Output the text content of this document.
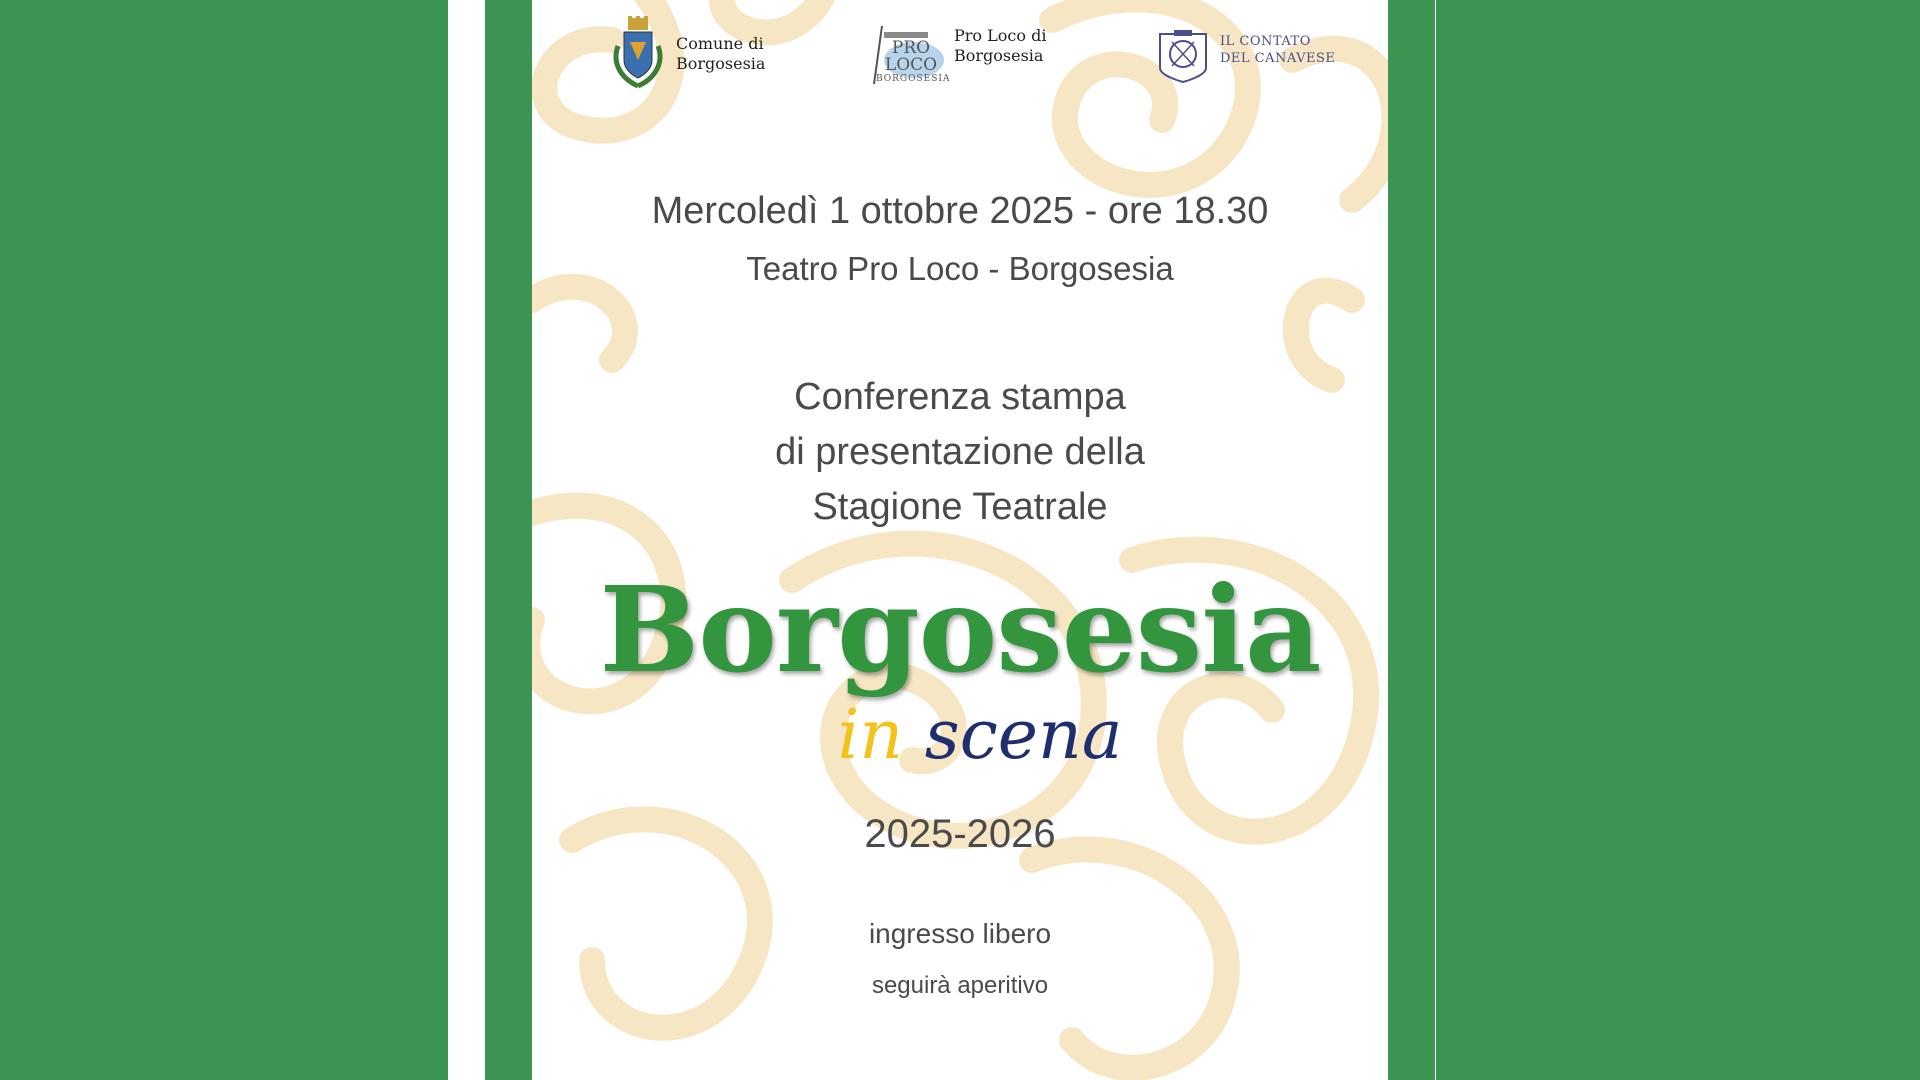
Comune di
Borgosesia
PRO
LOCO
BORGOSESIA
Pro Loco di
Borgosesia
IL CONTATO
DEL CANAVESE
Mercoledì 1 ottobre 2025 - ore 18.30
Teatro Pro Loco - Borgosesia
Conferenza stampa
di presentazione della
Stagione Teatrale
Borgosesia
in scena
2025-2026
ingresso libero
seguirà aperitivo
